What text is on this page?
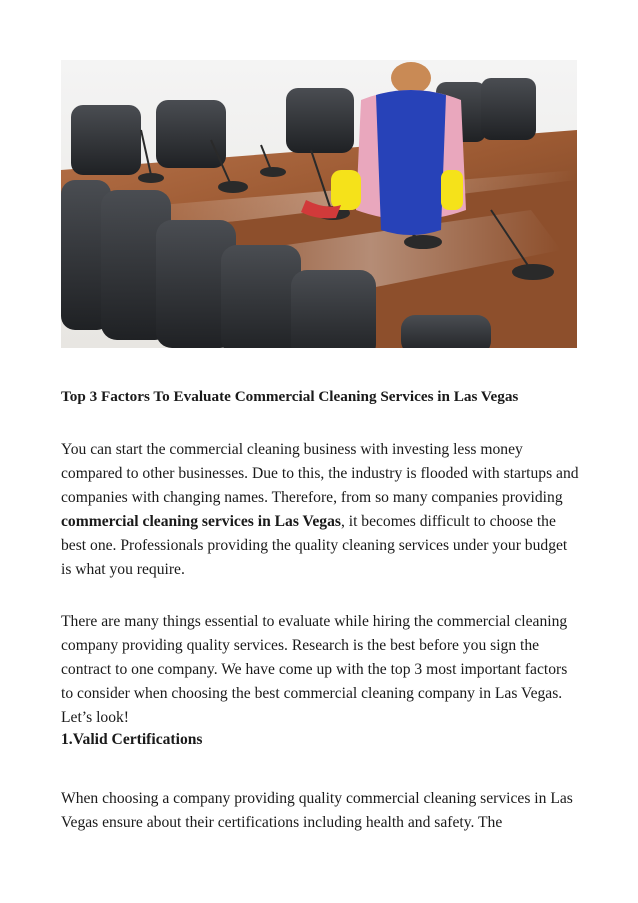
Top 3 Factors To Evaluate Commercial Cleaning Services in Las Vegas
You can start the commercial cleaning business with investing less money compared to other businesses. Due to this, the industry is flooded with startups and companies with changing names. Therefore, from so many companies providing commercial cleaning services in Las Vegas, it becomes difficult to choose the best one. Professionals providing the quality cleaning services under your budget is what you require.
There are many things essential to evaluate while hiring the commercial cleaning company providing quality services. Research is the best before you sign the contract to one company. We have come up with the top 3 most important factors to consider when choosing the best commercial cleaning company in Las Vegas. Let’s look!
1.Valid Certifications
When choosing a company providing quality commercial cleaning services in Las Vegas ensure about their certifications including health and safety. The
